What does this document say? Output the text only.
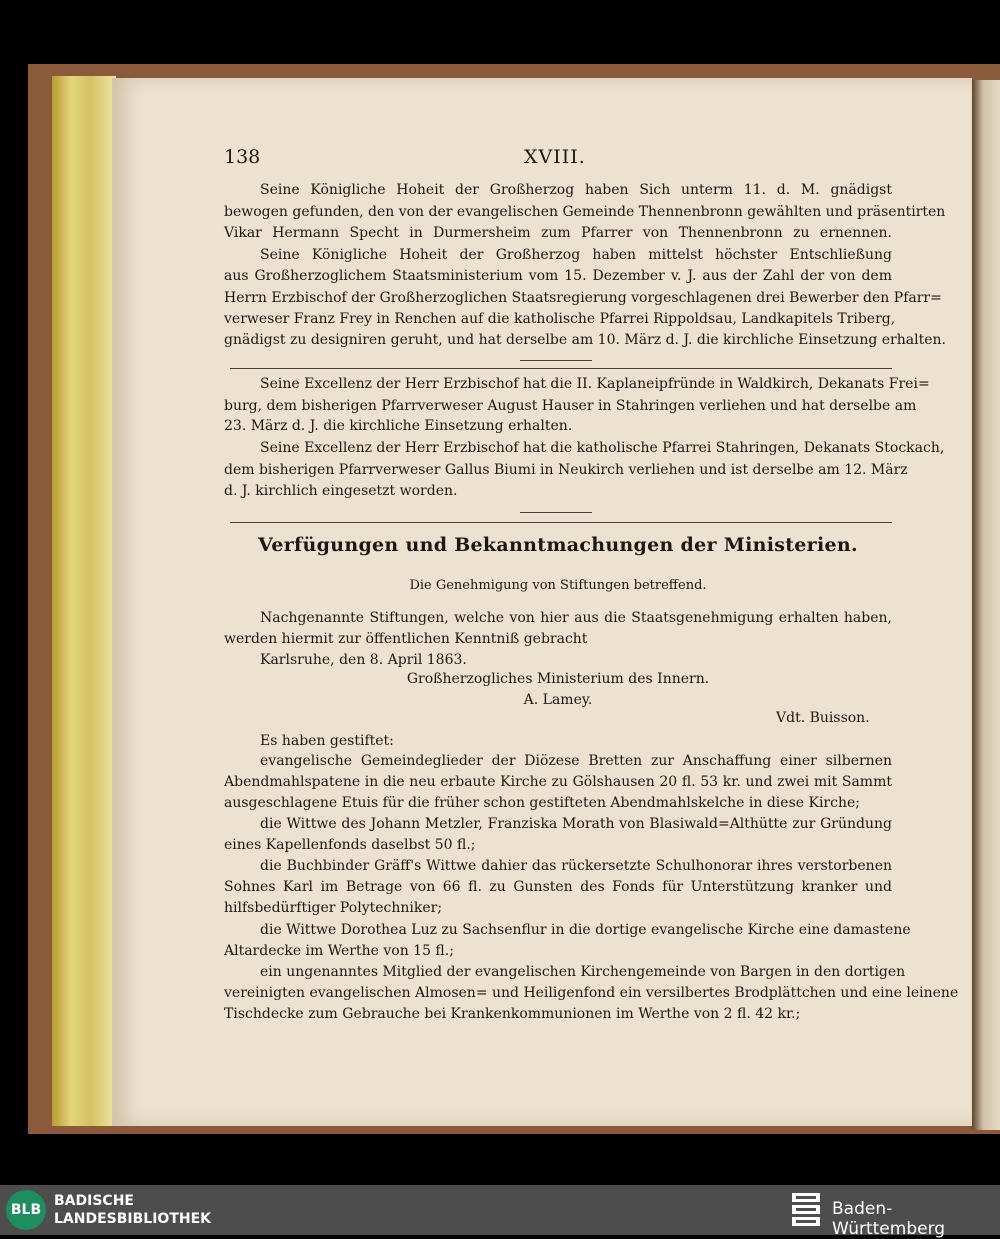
138	XVIII.
Seine Königliche Hoheit der Großherzog haben Sich unterm 11. d. M. gnädigst
bewogen gefunden, den von der evangelischen Gemeinde Thennenbronn gewählten und präsentirten
Vikar Hermann Specht in Durmersheim zum Pfarrer von Thennenbronn zu ernennen.
Seine Königliche Hoheit der Großherzog haben mittelst höchster Entschließung
aus Großherzoglichem Staatsministerium vom 15. Dezember v. J. aus der Zahl der von dem
Herrn Erzbischof der Großherzoglichen Staatsregierung vorgeschlagenen drei Bewerber den Pfarr=
verweser Franz Frey in Renchen auf die katholische Pfarrei Rippoldsau, Landkapitels Triberg,
gnädigst zu designiren geruht, und hat derselbe am 10. März d. J. die kirchliche Einsetzung erhalten.
Seine Excellenz der Herr Erzbischof hat die II. Kaplaneipfründe in Waldkirch, Dekanats Frei=
burg, dem bisherigen Pfarrverweser August Hauser in Stahringen verliehen und hat derselbe am
23. März d. J. die kirchliche Einsetzung erhalten.
Seine Excellenz der Herr Erzbischof hat die katholische Pfarrei Stahringen, Dekanats Stockach,
dem bisherigen Pfarrverweser Gallus Biumi in Neukirch verliehen und ist derselbe am 12. März
d. J. kirchlich eingesetzt worden.
Verfügungen und Bekanntmachungen der Ministerien.
Die Genehmigung von Stiftungen betreffend.
Nachgenannte Stiftungen, welche von hier aus die Staatsgenehmigung erhalten haben,
werden hiermit zur öffentlichen Kenntniß gebracht
Karlsruhe, den 8. April 1863.
Großherzogliches Ministerium des Innern.
A. Lamey.
Vdt. Buisson.
Es haben gestiftet:
evangelische Gemeindeglieder der Diözese Bretten zur Anschaffung einer silbernen
Abendmahlspatene in die neu erbaute Kirche zu Gölshausen 20 fl. 53 kr. und zwei mit Sammt
ausgeschlagene Etuis für die früher schon gestifteten Abendmahlskelche in diese Kirche;
die Wittwe des Johann Metzler, Franziska Morath von Blasiwald=Althütte zur Gründung
eines Kapellenfonds daselbst 50 fl.;
die Buchbinder Gräff's Wittwe dahier das rückersetzte Schulhonorar ihres verstorbenen
Sohnes Karl im Betrage von 66 fl. zu Gunsten des Fonds für Unterstützung kranker und
hilfsbedürftiger Polytechniker;
die Wittwe Dorothea Luz zu Sachsenflur in die dortige evangelische Kirche eine damastene
Altardecke im Werthe von 15 fl.;
ein ungenanntes Mitglied der evangelischen Kirchengemeinde von Bargen in den dortigen
vereinigten evangelischen Almosen= und Heiligenfond ein versilbertes Brodplättchen und eine leinene
Tischdecke zum Gebrauche bei Krankenkommunionen im Werthe von 2 fl. 42 kr.;
BLB
BADISCHE
LANDESBIBLIOTHEK	Baden-Württemberg
